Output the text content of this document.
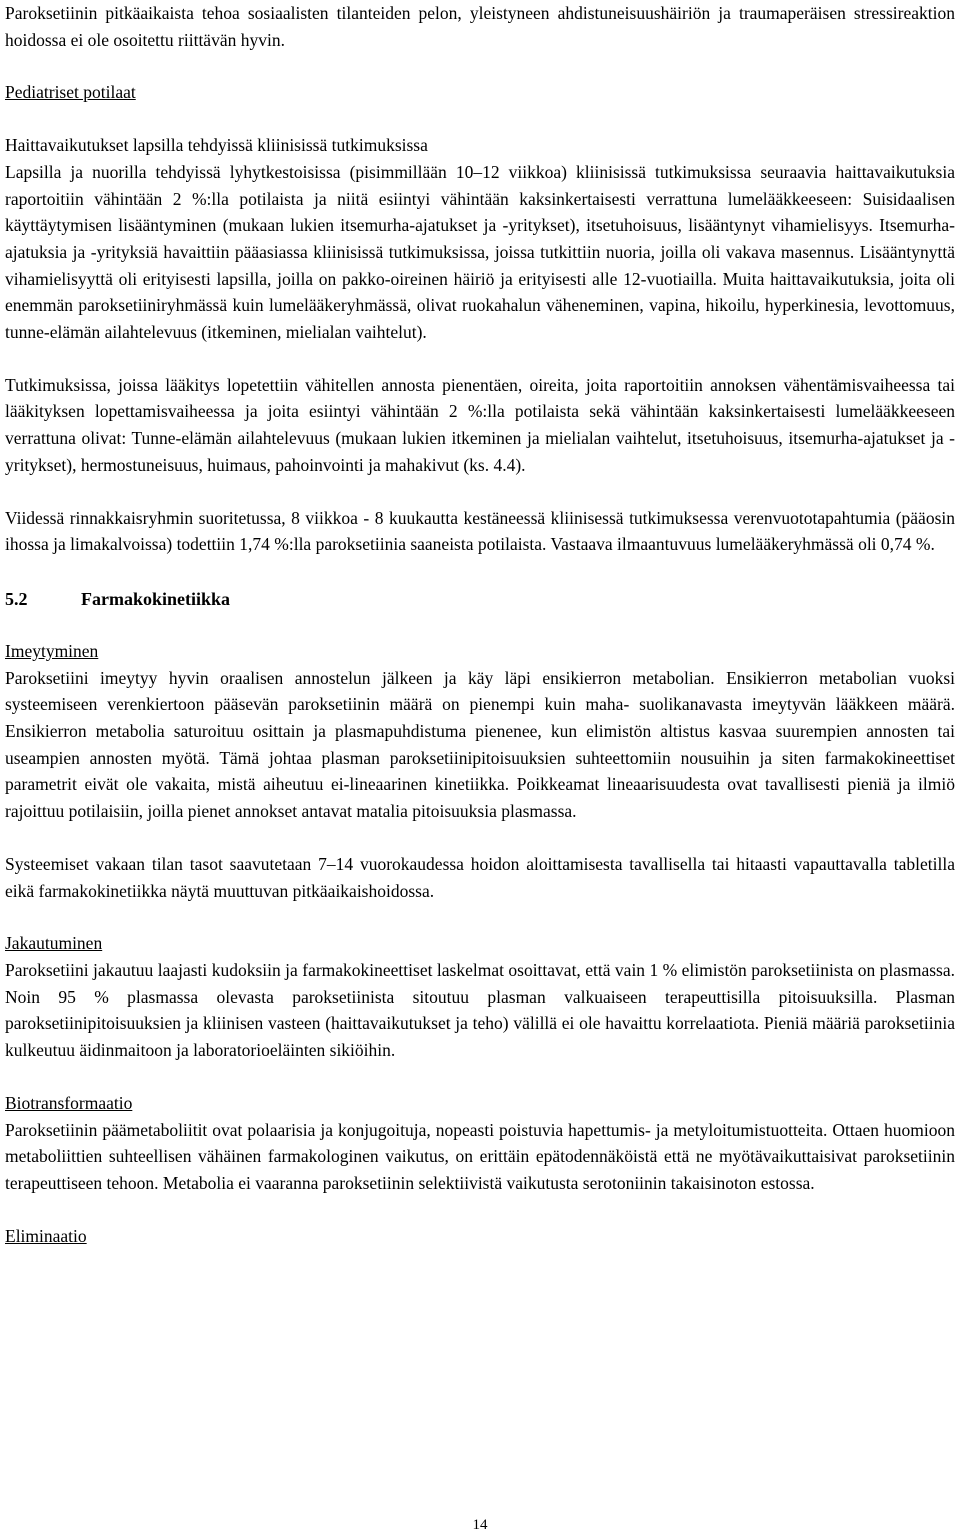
Paroksetiinin pitkäaikaista tehoa sosiaalisten tilanteiden pelon, yleistyneen ahdistuneisuushäiriön ja traumaperäisen stressireaktion hoidossa ei ole osoitettu riittävän hyvin.

Pediatriset potilaat

Haittavaikutukset lapsilla tehdyissä kliinisissä tutkimuksissa

Lapsilla ja nuorilla tehdyissä lyhytkestoisissa (pisimmillään 10–12 viikkoa) kliinisissä tutkimuksissa seuraavia haittavaikutuksia raportoitiin vähintään 2 %:lla potilaista ja niitä esiintyi vähintään kaksinkertaisesti verrattuna lumelääkkeeseen: Suisidaalisen käyttäytymisen lisääntyminen (mukaan lukien itsemurha-ajatukset ja -yritykset), itsetuhoisuus, lisääntynyt vihamielisyys. Itsemurha-ajatuksia ja -yrityksiä havaittiin pääasiassa kliinisissä tutkimuksissa, joissa tutkittiin nuoria, joilla oli vakava masennus. Lisääntynyttä vihamielisyyttä oli erityisesti lapsilla, joilla on pakko-oireinen häiriö ja erityisesti alle 12-vuotiailla. Muita haittavaikutuksia, joita oli enemmän paroksetiiniryhmässä kuin lumelääkeryhmässä, olivat ruokahalun väheneminen, vapina, hikoilu, hyperkinesia, levottomuus, tunne-elämän ailahtelevuus (itkeminen, mielialan vaihtelut).

Tutkimuksissa, joissa lääkitys lopetettiin vähitellen annosta pienentäen, oireita, joita raportoitiin annoksen vähentämisvaiheessa tai lääkityksen lopettamisvaiheessa ja joita esiintyi vähintään 2 %:lla potilaista sekä vähintään kaksinkertaisesti lumelääkkeeseen verrattuna olivat: Tunne-elämän ailahtelevuus (mukaan lukien itkeminen ja mielialan vaihtelut, itsetuhoisuus, itsemurha-ajatukset ja -yritykset), hermostuneisuus, huimaus, pahoinvointi ja mahakivut (ks. 4.4).

Viidessä rinnakkaisryhmin suoritetussa, 8 viikkoa - 8 kuukautta kestäneessä kliinisessä tutkimuksessa verenvuototapahtumia (pääosin ihossa ja limakalvoissa) todettiin 1,74 %:lla paroksetiinia saaneista potilaista. Vastaava ilmaantuvuus lumelääkeryhmässä oli 0,74 %.

5.2	Farmakokinetiikka

Imeytyminen

Paroksetiini imeytyy hyvin oraalisen annostelun jälkeen ja käy läpi ensikierron metabolian. Ensikierron metabolian vuoksi systeemiseen verenkiertoon pääsevän paroksetiinin määrä on pienempi kuin maha- suolikanavasta imeytyvän lääkkeen määrä. Ensikierron metabolia saturoituu osittain ja plasmapuhdistuma pienenee, kun elimistön altistus kasvaa suurempien annosten tai useampien annosten myötä. Tämä johtaa plasman paroksetiinipitoisuuksien suhteettomiin nousuihin ja siten farmakokineettiset parametrit eivät ole vakaita, mistä aiheutuu ei-lineaarinen kinetiikka. Poikkeamat lineaarisuudesta ovat tavallisesti pieniä ja ilmiö rajoittuu potilaisiin, joilla pienet annokset antavat matalia pitoisuuksia plasmassa.

Systeemiset vakaan tilan tasot saavutetaan 7–14 vuorokaudessa hoidon aloittamisesta tavallisella tai hitaasti vapauttavalla tabletilla eikä farmakokinetiikka näytä muuttuvan pitkäaikaishoidossa.

Jakautuminen

Paroksetiini jakautuu laajasti kudoksiin ja farmakokineettiset laskelmat osoittavat, että vain 1 % elimistön paroksetiinista on plasmassa. Noin 95 % plasmassa olevasta paroksetiinista sitoutuu plasman valkuaiseen terapeuttisilla pitoisuuksilla. Plasman paroksetiinipitoisuuksien ja kliinisen vasteen (haittavaikutukset ja teho) välillä ei ole havaittu korrelaatiota. Pieniä määriä paroksetiinia kulkeutuu äidinmaitoon ja laboratorioeläinten sikiöihin.

Biotransformaatio

Paroksetiinin päämetaboliitit ovat polaarisia ja konjugoituja, nopeasti poistuvia hapettumis- ja metyloitumistuotteita. Ottaen huomioon metaboliittien suhteellisen vähäinen farmakologinen vaikutus, on erittäin epätodennäköistä että ne myötävaikuttaisivat paroksetiinin terapeuttiseen tehoon. Metabolia ei vaaranna paroksetiinin selektiivistä vaikutusta serotoniinin takaisinoton estossa.

Eliminaatio

14
